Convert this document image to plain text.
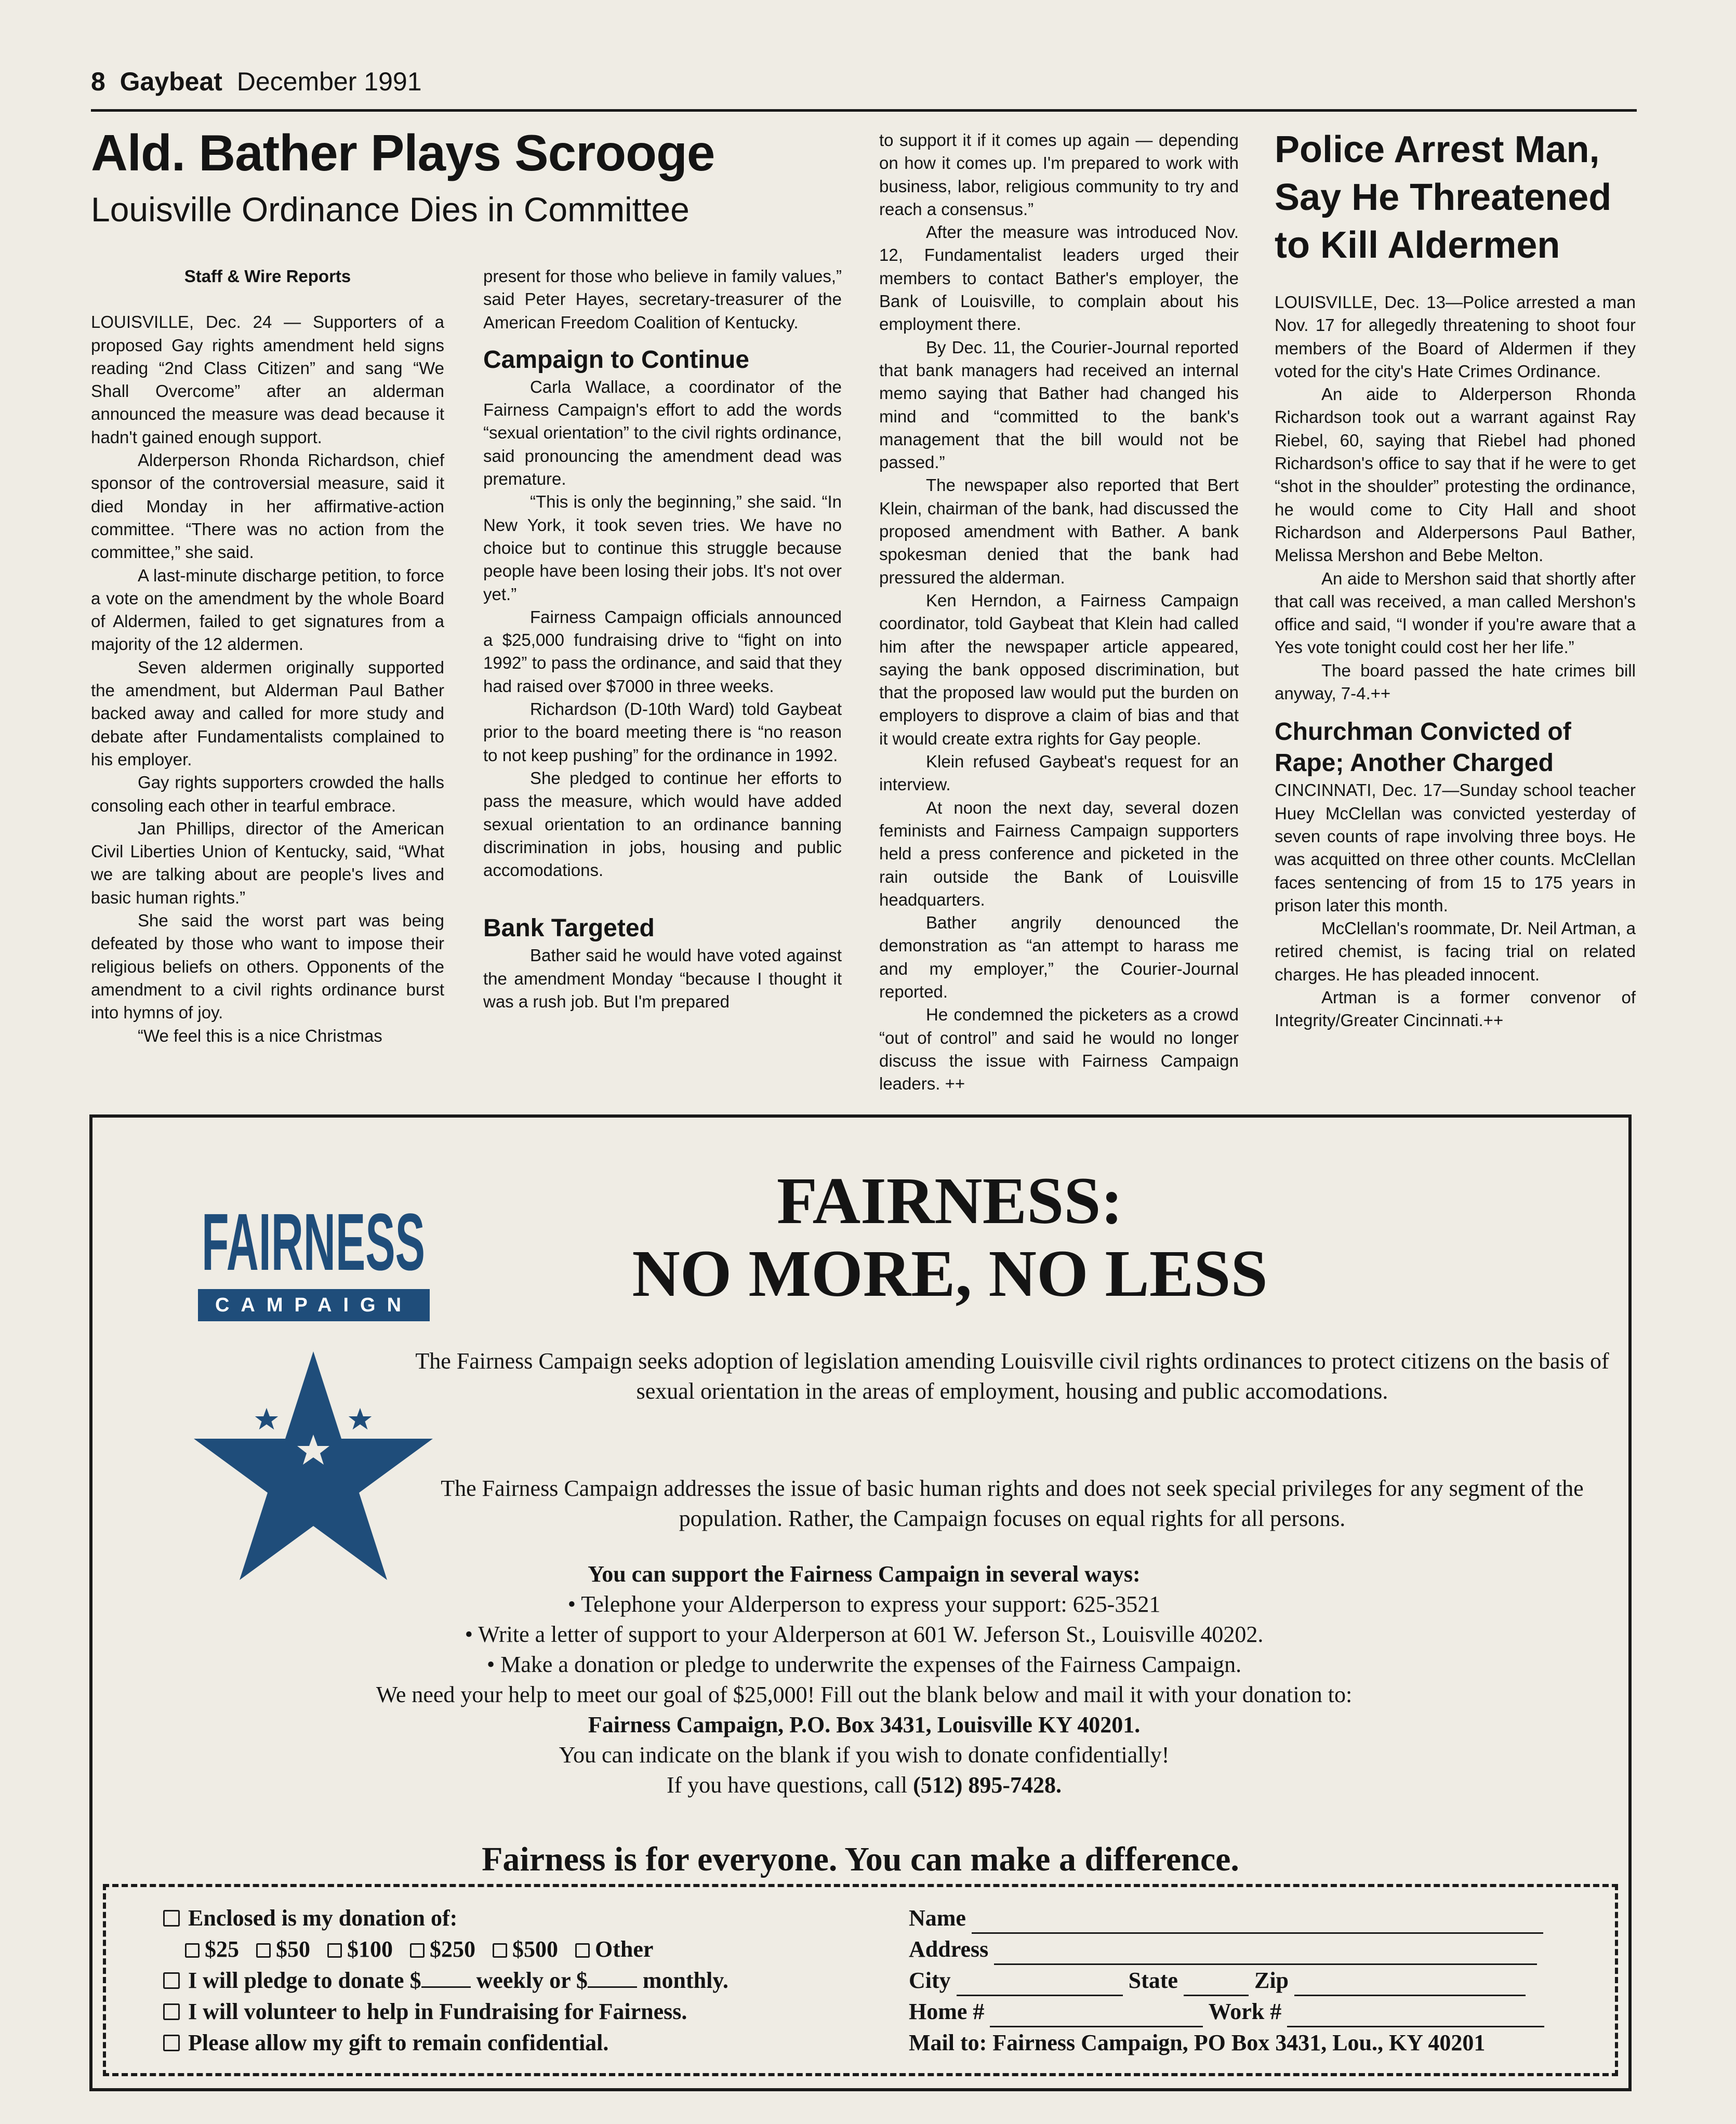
8 Gaybeat December 1991
Ald. Bather Plays Scrooge
Louisville Ordinance Dies in Committee

Staff & Wire Reports

LOUISVILLE, Dec. 24 — Supporters of a proposed Gay rights amendment held signs reading “2nd Class Citizen” and sang “We Shall Overcome” after an alderman announced the measure was dead because it hadn't gained enough support.

Alderperson Rhonda Richardson, chief sponsor of the controversial measure, said it died Monday in her affirmative-action committee. “There was no action from the committee,” she said.

A last-minute discharge petition, to force a vote on the amendment by the whole Board of Aldermen, failed to get signatures from a majority of the 12 aldermen.

Seven aldermen originally supported the amendment, but Alderman Paul Bather backed away and called for more study and debate after Fundamentalists complained to his employer.

Gay rights supporters crowded the halls consoling each other in tearful embrace.

Jan Phillips, director of the American Civil Liberties Union of Kentucky, said, “What we are talking about are people's lives and basic human rights.”

She said the worst part was being defeated by those who want to impose their religious beliefs on others. Opponents of the amendment to a civil rights ordinance burst into hymns of joy.

“We feel this is a nice Christmas

present for those who believe in family values,” said Peter Hayes, secretary-treasurer of the American Freedom Coalition of Kentucky.

Campaign to Continue

Carla Wallace, a coordinator of the Fairness Campaign's effort to add the words “sexual orientation” to the civil rights ordinance, said pronouncing the amendment dead was premature.

“This is only the beginning,” she said. “In New York, it took seven tries. We have no choice but to continue this struggle because people have been losing their jobs. It's not over yet.”

Fairness Campaign officials announced a $25,000 fundraising drive to “fight on into 1992” to pass the ordinance, and said that they had raised over $7000 in three weeks.

Richardson (D-10th Ward) told Gaybeat prior to the board meeting there is “no reason to not keep pushing” for the ordinance in 1992.

She pledged to continue her efforts to pass the measure, which would have added sexual orientation to an ordinance banning discrimination in jobs, housing and public accomodations.

Bank Targeted

Bather said he would have voted against the amendment Monday “because I thought it was a rush job. But I'm prepared

to support it if it comes up again — depending on how it comes up. I'm prepared to work with business, labor, religious community to try and reach a consensus.”

After the measure was introduced Nov. 12, Fundamentalist leaders urged their members to contact Bather's employer, the Bank of Louisville, to complain about his employment there.

By Dec. 11, the Courier-Journal reported that bank managers had received an internal memo saying that Bather had changed his mind and “committed to the bank's management that the bill would not be passed.”

The newspaper also reported that Bert Klein, chairman of the bank, had discussed the proposed amendment with Bather. A bank spokesman denied that the bank had pressured the alderman.

Ken Herndon, a Fairness Campaign coordinator, told Gaybeat that Klein had called him after the newspaper article appeared, saying the bank opposed discrimination, but that the proposed law would put the burden on employers to disprove a claim of bias and that it would create extra rights for Gay people.

Klein refused Gaybeat's request for an interview.

At noon the next day, several dozen feminists and Fairness Campaign supporters held a press conference and picketed in the rain outside the Bank of Louisville headquarters.

Bather angrily denounced the demonstration as “an attempt to harass me and my employer,” the Courier-Journal reported.

He condemned the picketers as a crowd “out of control” and said he would no longer discuss the issue with Fairness Campaign leaders. ++

Police Arrest Man, Say He Threatened to Kill Aldermen

LOUISVILLE, Dec. 13—Police arrested a man Nov. 17 for allegedly threatening to shoot four members of the Board of Aldermen if they voted for the city's Hate Crimes Ordinance.

An aide to Alderperson Rhonda Richardson took out a warrant against Ray Riebel, 60, saying that Riebel had phoned Richardson's office to say that if he were to get “shot in the shoulder” protesting the ordinance, he would come to City Hall and shoot Richardson and Alderpersons Paul Bather, Melissa Mershon and Bebe Melton.

An aide to Mershon said that shortly after that call was received, a man called Mershon's office and said, “I wonder if you're aware that a Yes vote tonight could cost her her life.”

The board passed the hate crimes bill anyway, 7-4.++

Churchman Convicted of Rape; Another Charged

CINCINNATI, Dec. 17—Sunday school teacher Huey McClellan was convicted yesterday of seven counts of rape involving three boys. He was acquitted on three other counts. McClellan faces sentencing of from 15 to 175 years in prison later this month.

McClellan's roommate, Dr. Neil Artman, a retired chemist, is facing trial on related charges. He has pleaded innocent.

Artman is a former convenor of Integrity/Greater Cincinnati.++

FAIRNESS
CAMPAIGN
FAIRNESS:
NO MORE, NO LESS
The Fairness Campaign seeks adoption of legislation amending Louisville civil rights ordinances to protect citizens on the basis of sexual orientation in the areas of employment, housing and public accomodations.
The Fairness Campaign addresses the issue of basic human rights and does not seek special privileges for any segment of the population. Rather, the Campaign focuses on equal rights for all persons.
You can support the Fairness Campaign in several ways:
• Telephone your Alderperson to express your support: 625-3521
• Write a letter of support to your Alderperson at 601 W. Jeferson St., Louisville 40202.
• Make a donation or pledge to underwrite the expenses of the Fairness Campaign.
We need your help to meet our goal of $25,000! Fill out the blank below and mail it with your donation to:
Fairness Campaign, P.O. Box 3431, Louisville KY 40201.
You can indicate on the blank if you wish to donate confidentially!
If you have questions, call (512) 895-7428.
Fairness is for everyone. You can make a difference.
Enclosed is my donation of:
$25 $50 $100 $250 $500 Other
I will pledge to donate $ weekly or $ monthly.
I will volunteer to help in Fundraising for Fairness.
Please allow my gift to remain confidential.
Name
Address
City	State	Zip
Home #	Work #
Mail to: Fairness Campaign, PO Box 3431, Lou., KY 40201
